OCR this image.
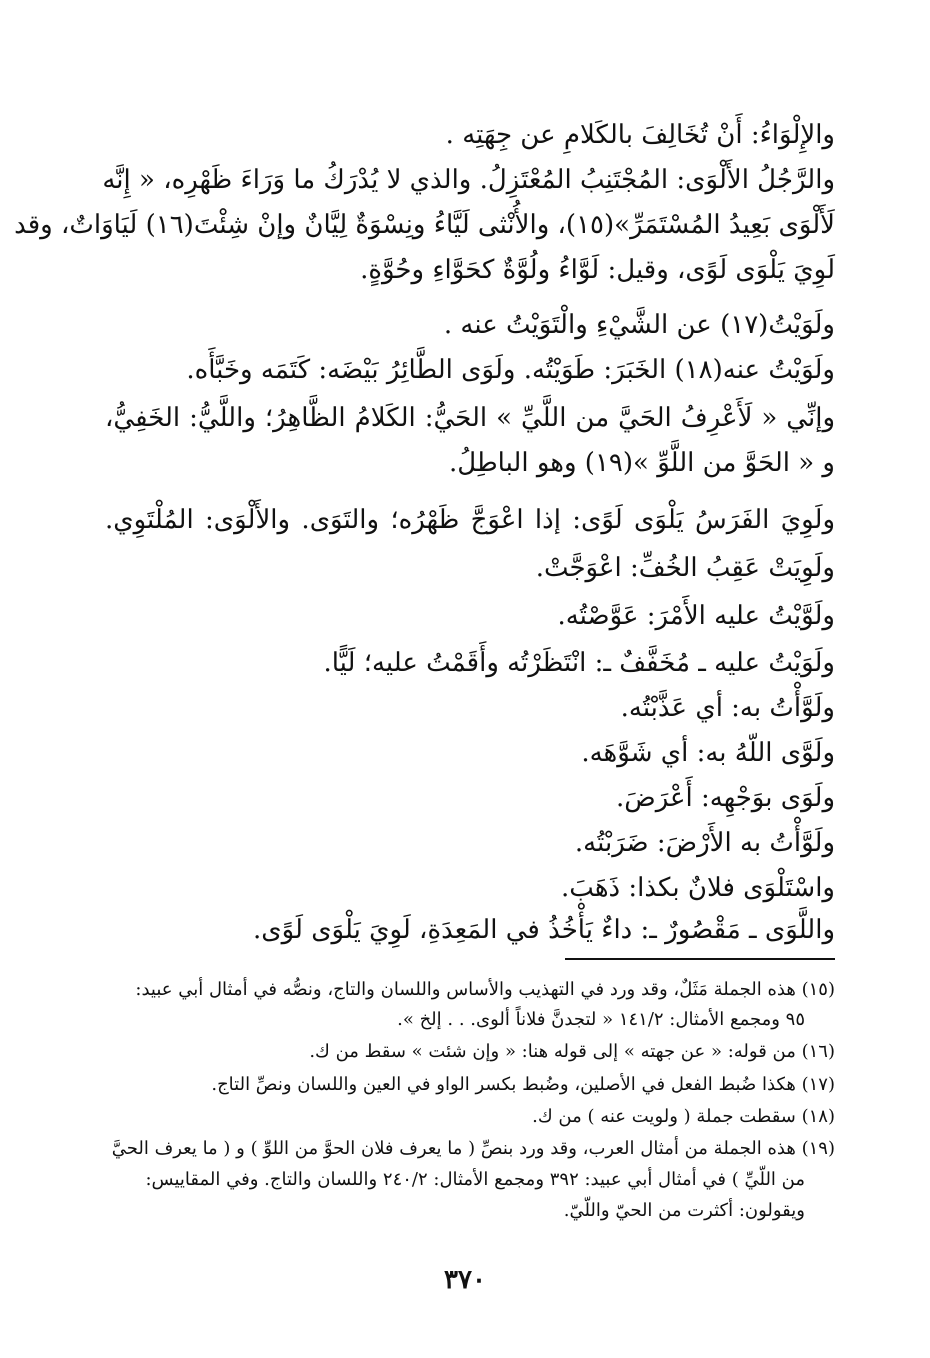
والإِلْوَاءُ: أَنْ تُخَالِفَ بالكَلامِ عن جِهَتِه .
والرَّجُلُ الأَلْوَى: المُجْتَنِبُ المُعْتَزِلُ. والذي لا يُدْرَكُ ما وَرَاءَ ظَهْرِه، « إِنَّه
لَأَلْوَى بَعِيدُ المُسْتَمَرِّ»(١٥)، والأُنْثى لَيَّاءُ ونِسْوَةٌ لِيَّانٌ وإنْ شِئْتَ(١٦) لَيَاوَاتٌ، وقد
لَوِيَ يَلْوَى لَوًى، وقيل: لَوَّاءُ ولُوَّةٌ كحَوَّاءِ وحُوَّةٍ.
ولَوَيْتُ(١٧) عن الشَّيْءِ والْتَوَيْتُ عنه .
ولَوَيْتُ عنه(١٨) الخَبَرَ: طَوَيْتُه. ولَوَى الطَّائِرُ بَيْضَه: كَتَمَه وخَبَّأَه.
وإنِّي « لَأَعْرِفُ الحَيَّ من اللَّيِّ » الحَيُّ: الكَلامُ الظَّاهِرُ؛ واللَّيُّ: الخَفِيُّ،
و « الحَوَّ من اللَّوِّ »(١٩) وهو الباطِلُ.
ولَوِيَ الفَرَسُ يَلْوَى لَوًى: إذا اعْوَجَّ ظَهْرُه؛ والتَوَى. والأَلْوَى: المُلْتَوِي.
ولَوِيَتْ عَقِبُ الخُفِّ: اعْوَجَّتْ.
ولَوَّيْتُ عليه الأَمْرَ: عَوَّصْتُه.
ولَوَيْتُ عليه ـ مُخَفَّفٌ ـ: انْتَظَرْتُه وأَقَمْتُ عليه؛ لَيًّا.
ولَوَّأْتُ به: أي عَذَّبْتُه.
ولَوَّى اللّهُ به: أي شَوَّهَه.
ولَوَى بوَجْهِه: أَعْرَضَ.
ولَوَّأْتُ به الأَرْضَ: ضَرَبْتُه.
واسْتَلْوَى فلانٌ بكذا: ذَهَبَ.
واللَّوَى ـ مَقْصُورٌ ـ: داءٌ يَأْخُذُ في المَعِدَةِ، لَوِيَ يَلْوَى لَوًى.
(١٥) هذه الجملة مَثَلٌ، وقد ورد في التهذيب والأساس واللسان والتاج، ونصُّه في أمثال أبي عبيد:
٩٥ ومجمع الأمثال: ١٤١/٢ « لتجدنَّ فلاناً ألوى. . . إلخ ».
(١٦) من قوله: « عن جهته » إلى قوله هنا: « وإن شئت » سقط من ك.
(١٧) هكذا ضُبط الفعل في الأصلين، وضُبط بكسر الواو في العين واللسان ونصِّ التاج.
(١٨) سقطت جملة ( ولويت عنه ) من ك.
(١٩) هذه الجملة من أمثال العرب، وقد ورد بنصِّ ( ما يعرف فلان الحوَّ من اللوِّ ) و ( ما يعرف الحيَّ
من اللّيِّ ) في أمثال أبي عبيد: ٣٩٢ ومجمع الأمثال: ٢٤٠/٢ واللسان والتاج. وفي المقاييس:
ويقولون: أكثرت من الحيّ واللّيّ.
٣٧٠
